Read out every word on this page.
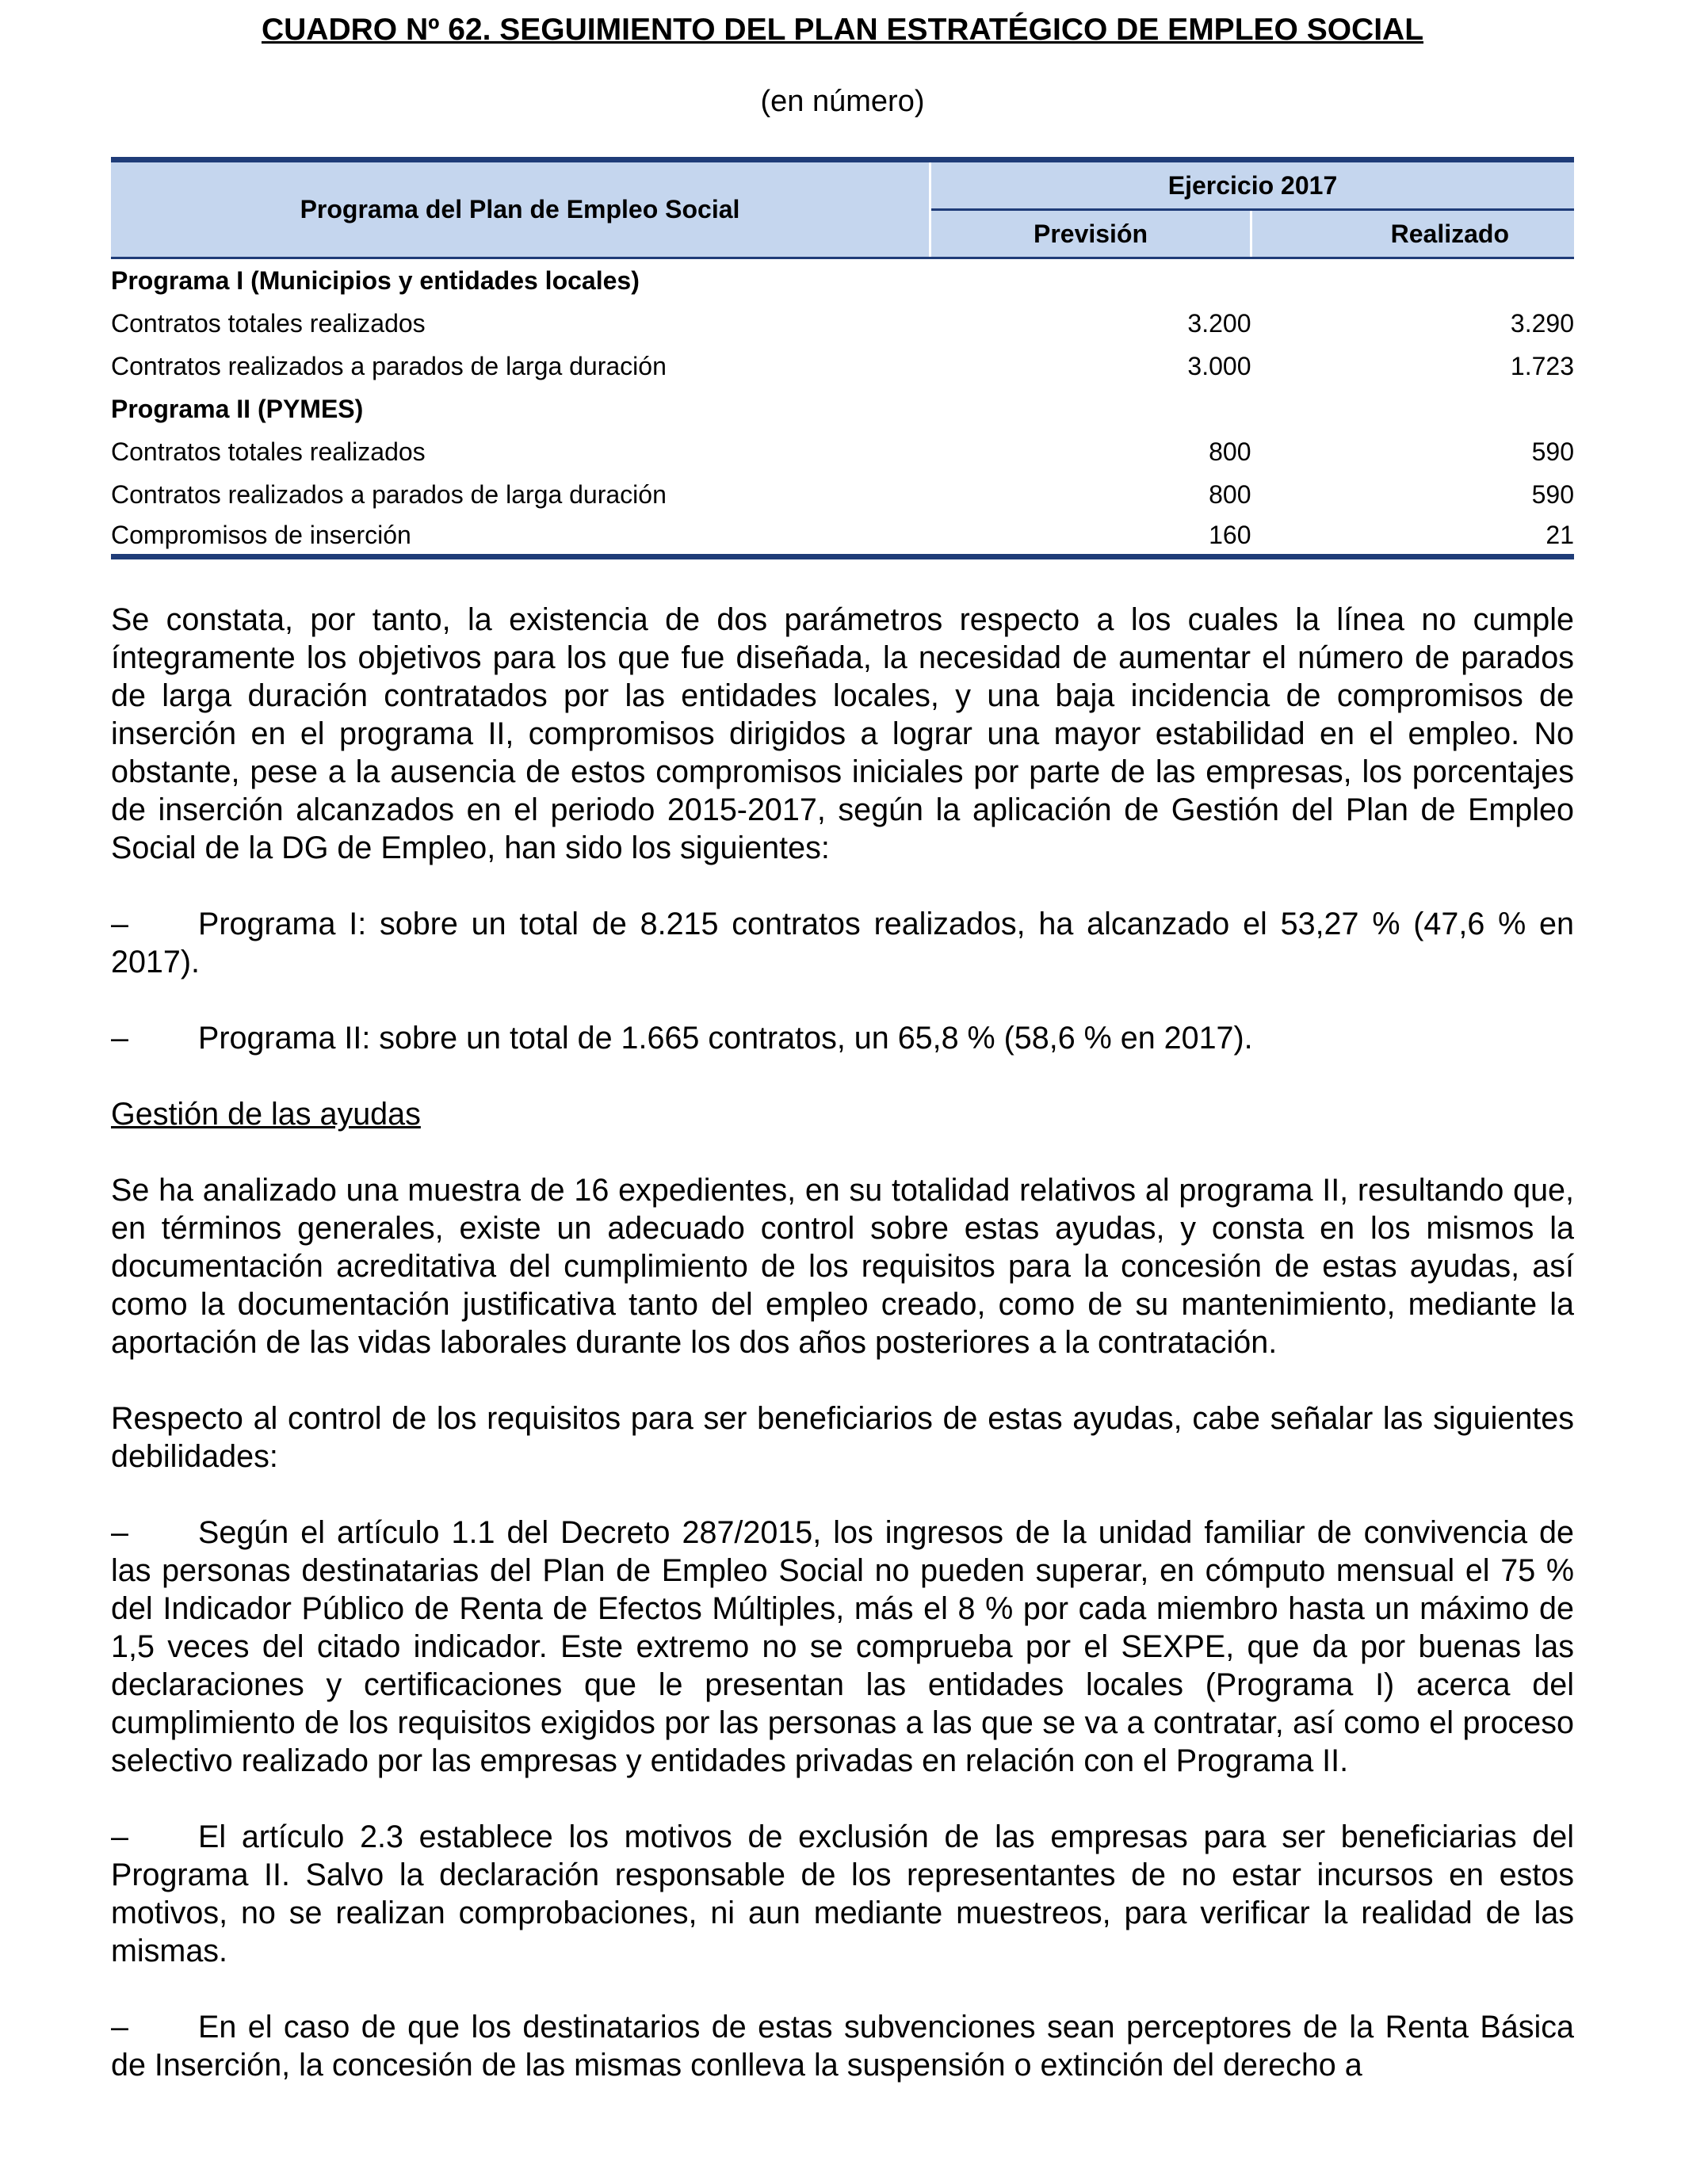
CUADRO Nº 62. SEGUIMIENTO DEL PLAN ESTRATÉGICO DE EMPLEO SOCIAL
(en número)
Programa del Plan de Empleo Social	Ejercicio 2017	
	Previsión	Realizado
Programa I (Municipios y entidades locales)		
Contratos totales realizados	3.200	3.290
Contratos realizados a parados de larga duración	3.000	1.723
Programa II (PYMES)		
Contratos totales realizados	800	590
Contratos realizados a parados de larga duración	800	590
Compromisos de inserción	160	21

Se constata, por tanto, la existencia de dos parámetros respecto a los cuales la línea no cumple íntegramente los objetivos para los que fue diseñada, la necesidad de aumentar el número de parados de larga duración contratados por las entidades locales, y una baja incidencia de compromisos de inserción en el programa II, compromisos dirigidos a lograr una mayor estabilidad en el empleo. No obstante, pese a la ausencia de estos compromisos iniciales por parte de las empresas, los porcentajes de inserción alcanzados en el periodo 2015-2017, según la aplicación de Gestión del Plan de Empleo Social de la DG de Empleo, han sido los siguientes:

– Programa I: sobre un total de 8.215 contratos realizados, ha alcanzado el 53,27 % (47,6 % en 2017).

– Programa II: sobre un total de 1.665 contratos, un 65,8 % (58,6 % en 2017).

Gestión de las ayudas

Se ha analizado una muestra de 16 expedientes, en su totalidad relativos al programa II, resultando que, en términos generales, existe un adecuado control sobre estas ayudas, y consta en los mismos la documentación acreditativa del cumplimiento de los requisitos para la concesión de estas ayudas, así como la documentación justificativa tanto del empleo creado, como de su mantenimiento, mediante la aportación de las vidas laborales durante los dos años posteriores a la contratación.

Respecto al control de los requisitos para ser beneficiarios de estas ayudas, cabe señalar las siguientes debilidades:

– Según el artículo 1.1 del Decreto 287/2015, los ingresos de la unidad familiar de convivencia de las personas destinatarias del Plan de Empleo Social no pueden superar, en cómputo mensual el 75 % del Indicador Público de Renta de Efectos Múltiples, más el 8 % por cada miembro hasta un máximo de 1,5 veces del citado indicador. Este extremo no se comprueba por el SEXPE, que da por buenas las declaraciones y certificaciones que le presentan las entidades locales (Programa I) acerca del cumplimiento de los requisitos exigidos por las personas a las que se va a contratar, así como el proceso selectivo realizado por las empresas y entidades privadas en relación con el Programa II.

– El artículo 2.3 establece los motivos de exclusión de las empresas para ser beneficiarias del Programa II. Salvo la declaración responsable de los representantes de no estar incursos en estos motivos, no se realizan comprobaciones, ni aun mediante muestreos, para verificar la realidad de las mismas.

– En el caso de que los destinatarios de estas subvenciones sean perceptores de la Renta Básica de Inserción, la concesión de las mismas conlleva la suspensión o extinción del derecho a
